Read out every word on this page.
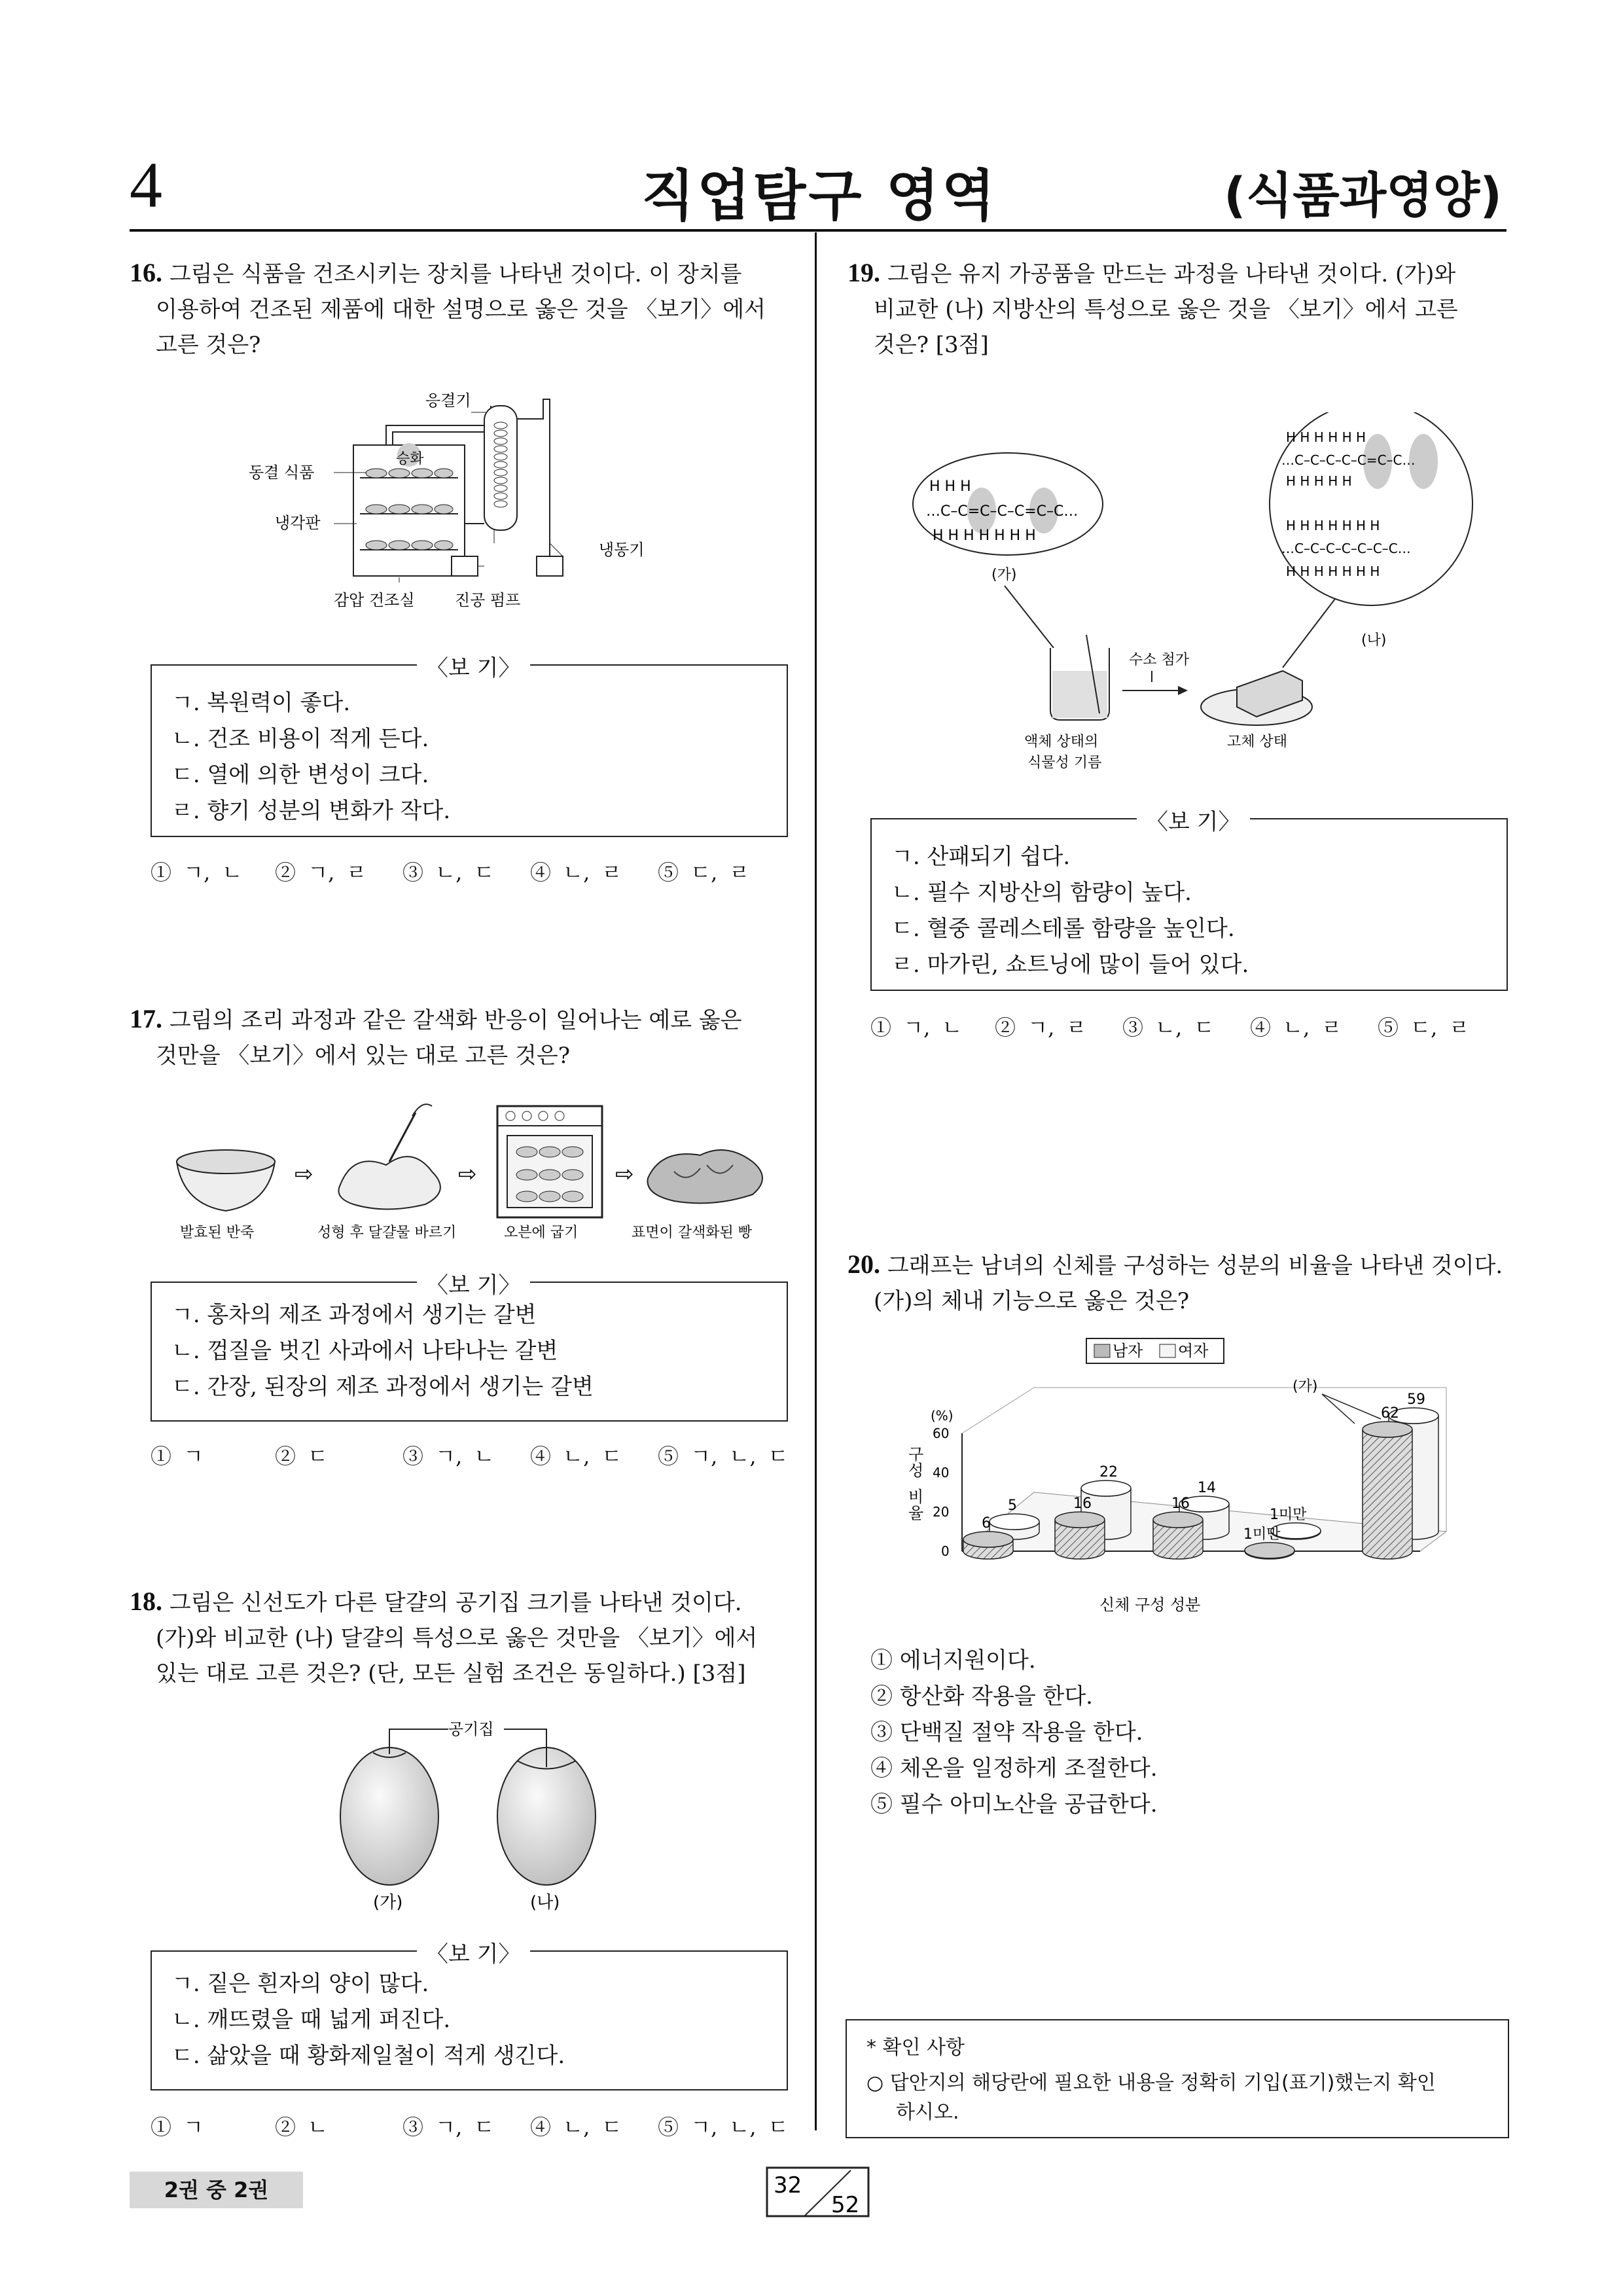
4	직업탐구 영역	(식품과영양)
16. 그림은 식품을 건조시키는 장치를 나타낸 것이다. 이 장치를
이용하여 건조된 제품에 대한 설명으로 옳은 것을 〈보기〉에서
고른 것은?
응결기
동결 식품
승화
냉각판
냉동기
감압 건조실	진공 펌프
〈보 기〉
ㄱ. 복원력이 좋다.
ㄴ. 건조 비용이 적게 든다.
ㄷ. 열에 의한 변성이 크다.
ㄹ. 향기 성분의 변화가 작다.
① ㄱ, ㄴ ② ㄱ, ㄹ ③ ㄴ, ㄷ ④ ㄴ, ㄹ ⑤ ㄷ, ㄹ
17. 그림의 조리 과정과 같은 갈색화 반응이 일어나는 예로 옳은
것만을 〈보기〉에서 있는 대로 고른 것은?
⇨	⇨	⇨
발효된 반죽	성형 후 달걀물 바르기	오븐에 굽기	표면이 갈색화된 빵
〈보 기〉
ㄱ. 홍차의 제조 과정에서 생기는 갈변
ㄴ. 껍질을 벗긴 사과에서 나타나는 갈변
ㄷ. 간장, 된장의 제조 과정에서 생기는 갈변
① ㄱ	② ㄷ	③ ㄱ, ㄴ ④ ㄴ, ㄷ ⑤ ㄱ, ㄴ, ㄷ
18. 그림은 신선도가 다른 달걀의 공기집 크기를 나타낸 것이다.
(가)와 비교한 (나) 달걀의 특성으로 옳은 것만을 〈보기〉에서
있는 대로 고른 것은? (단, 모든 실험 조건은 동일하다.) [3점]
공기집
(가)	(나)
〈보 기〉
ㄱ. 짙은 흰자의 양이 많다.
ㄴ. 깨뜨렸을 때 넓게 퍼진다.
ㄷ. 삶았을 때 황화제일철이 적게 생긴다.
① ㄱ	② ㄴ	③ ㄱ, ㄷ ④ ㄴ, ㄷ ⑤ ㄱ, ㄴ, ㄷ
19. 그림은 유지 가공품을 만드는 과정을 나타낸 것이다. (가)와
비교한 (나) 지방산의 특성으로 옳은 것을 〈보기〉에서 고른
것은? [3점]
H H H
…C–C=C–C–C=C–C…
H H H H H H H
(가)
H H H H H H
…C–C–C–C–C=C–C…
H H H H H
H H H H H H H
…C–C–C–C–C–C–C…
H H H H H H H
(나)
수소 첨가
액체 상태의
식물성 기름
고체 상태
〈보 기〉
ㄱ. 산패되기 쉽다.
ㄴ. 필수 지방산의 함량이 높다.
ㄷ. 혈중 콜레스테롤 함량을 높인다.
ㄹ. 마가린, 쇼트닝에 많이 들어 있다.
① ㄱ, ㄴ ② ㄱ, ㄹ ③ ㄴ, ㄷ ④ ㄴ, ㄹ ⑤ ㄷ, ㄹ
20. 그래프는 남녀의 신체를 구성하는 성분의 비율을 나타낸 것이다.
(가)의 체내 기능으로 옳은 것은?
남자 여자
(%)
구
성
비
율
0
20
40
60
신체 구성 성분
(가)
5
22
14
1미만
59
6
16	16
1미만
62
① 에너지원이다.
② 항산화 작용을 한다.
③ 단백질 절약 작용을 한다.
④ 체온을 일정하게 조절한다.
⑤ 필수 아미노산을 공급한다.
* 확인 사항
○ 답안지의 해당란에 필요한 내용을 정확히 기입(표기)했는지 확인
하시오.
2권 중 2권	32
52
